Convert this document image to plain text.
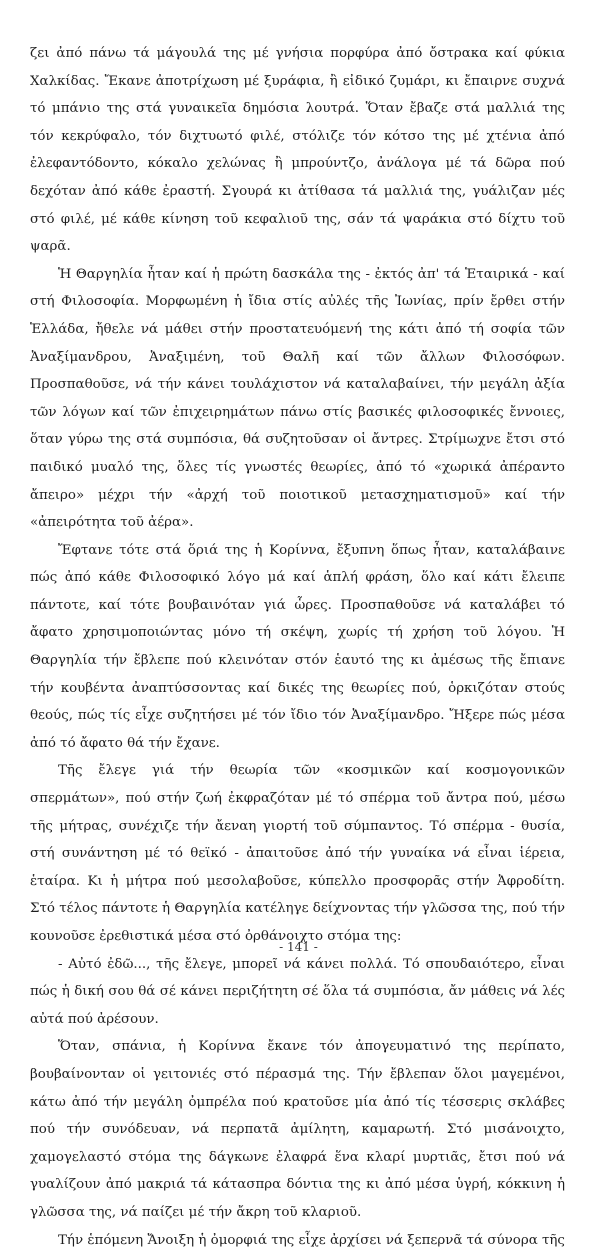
ζει ἀπό πάνω τά μάγουλά της μέ γνήσια πορφύρα ἀπό ὄστρακα καί φύκια Χαλκίδας. Ἔκανε ἀποτρίχωση μέ ξυράφια, ἢ εἰδικό ζυμάρι, κι ἔπαιρνε συχνά τό μπάνιο της στά γυναικεῖα δημόσια λουτρά. Ὅταν ἔβαζε στά μαλλιά της τόν κεκρύφαλο, τόν διχτυωτό φιλέ, στόλιζε τόν κότσο της μέ χτένια ἀπό ἐλεφαντόδοντο, κόκαλο χελώνας ἢ μπρούντζο, ἀνάλογα μέ τά δῶρα πού δεχόταν ἀπό κάθε ἐραστή. Σγουρά κι ἀτίθασα τά μαλλιά της, γυάλιζαν μές στό φιλέ, μέ κάθε κίνηση τοῦ κεφαλιοῦ της, σάν τά ψαράκια στό δίχτυ τοῦ ψαρᾶ.

Ἡ Θαργηλία ἦταν καί ἡ πρώτη δασκάλα της - ἐκτός ἀπ' τά Ἑταιρικά - καί στή Φιλοσοφία. Μορφωμένη ἡ ἴδια στίς αὐλές τῆς Ἰωνίας, πρίν ἔρθει στήν Ἑλλάδα, ἤθελε νά μάθει στήν προστατευόμενή της κάτι ἀπό τή σοφία τῶν Ἀναξίμανδρου, Ἀναξιμένη, τοῦ Θαλῆ καί τῶν ἄλλων Φιλοσόφων. Προσπαθοῦσε, νά τήν κάνει τουλάχιστον νά καταλαβαίνει, τήν μεγάλη ἀξία τῶν λόγων καί τῶν ἐπιχειρημάτων πάνω στίς βασικές φιλοσοφικές ἔννοιες, ὅταν γύρω της στά συμπόσια, θά συζητοῦσαν οἱ ἄντρες. Στρίμωχνε ἔτσι στό παιδικό μυαλό της, ὅλες τίς γνωστές θεωρίες, ἀπό τό «χωρικά ἀπέραντο ἄπειρο» μέχρι τήν «ἀρχή τοῦ ποιοτικοῦ μετασχηματισμοῦ» καί τήν «ἀπειρότητα τοῦ ἀέρα».

Ἔφτανε τότε στά ὅριά της ἡ Κορίννα, ἔξυπνη ὅπως ἦταν, καταλάβαινε πώς ἀπό κάθε Φιλοσοφικό λόγο μά καί ἁπλή φράση, ὅλο καί κάτι ἔλειπε πάντοτε, καί τότε βουβαινόταν γιά ὧρες. Προσπαθοῦσε νά καταλάβει τό ἄφατο χρησιμοποιώντας μόνο τή σκέψη, χωρίς τή χρήση τοῦ λόγου. Ἡ Θαργηλία τήν ἔβλεπε πού κλεινόταν στόν ἑαυτό της κι ἀμέσως τῆς ἔπιανε τήν κουβέντα ἀναπτύσσοντας καί δικές της θεωρίες πού, ὁρκιζόταν στούς θεούς, πώς τίς εἶχε συζητήσει μέ τόν ἴδιο τόν Ἀναξίμανδρο. Ἤξερε πώς μέσα ἀπό τό ἄφατο θά τήν ἔχανε.

Τῆς ἔλεγε γιά τήν θεωρία τῶν «κοσμικῶν καί κοσμογονικῶν σπερμάτων», πού στήν ζωή ἐκφραζόταν μέ τό σπέρμα τοῦ ἄντρα πού, μέσω τῆς μήτρας, συνέχιζε τήν ἄεναη γιορτή τοῦ σύμπαντος. Τό σπέρμα - θυσία, στή συνάντηση μέ τό θεϊκό - ἀπαιτοῦσε ἀπό τήν γυναίκα νά εἶναι ἱέρεια, ἑταίρα. Κι ἡ μήτρα πού μεσολαβοῦσε, κύπελλο προσφορᾶς στήν Ἀφροδίτη. Στό τέλος πάντοτε ἡ Θαργηλία κατέληγε δείχνοντας τήν γλῶσσα της, πού τήν κουνοῦσε ἐρεθιστικά μέσα στό ὀρθάνοιχτο στόμα της:

- Αὐτό ἐδῶ..., τῆς ἔλεγε, μπορεῖ νά κάνει πολλά. Τό σπουδαιότερο, εἶναι πώς ἡ δική σου θά σέ κάνει περιζήτητη σέ ὅλα τά συμπόσια, ἄν μάθεις νά λές αὐτά πού ἀρέσουν.

Ὅταν, σπάνια, ἡ Κορίννα ἔκανε τόν ἀπογευματινό της περίπατο, βουβαίνονταν οἱ γειτονιές στό πέρασμά της. Τήν ἔβλεπαν ὅλοι μαγεμένοι, κάτω ἀπό τήν μεγάλη ὀμπρέλα πού κρατοῦσε μία ἀπό τίς τέσσερις σκλάβες πού τήν συνόδευαν, νά περπατᾶ ἀμίλητη, καμαρωτή. Στό μισάνοιχτο, χαμογελαστό στόμα της δάγκωνε ἐλαφρά ἕνα κλαρί μυρτιᾶς, ἔτσι πού νά γυαλίζουν ἀπό μακριά τά κάτασπρα δόντια της κι ἀπό μέσα ὑγρή, κόκκινη ἡ γλῶσσα της, νά παίζει μέ τήν ἄκρη τοῦ κλαριοῦ.

Τήν ἑπόμενη Ἄνοιξη ἡ ὀμορφιά της εἶχε ἀρχίσει νά ξεπερνᾶ τά σύνορα τῆς

- 141 -
